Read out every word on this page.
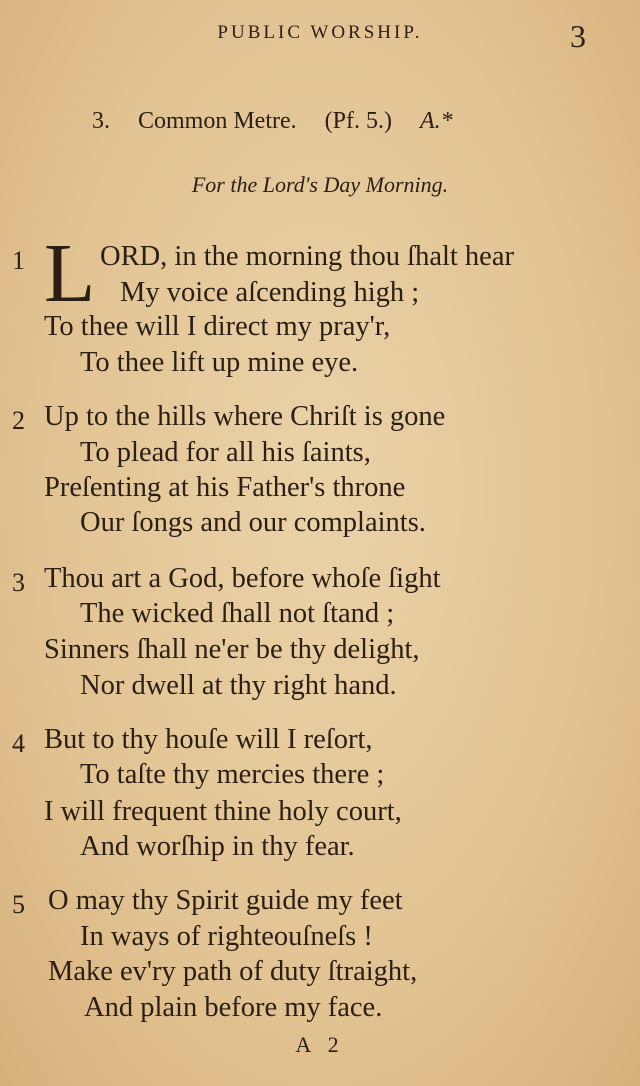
PUBLIC WORSHIP.	3
3. Common Metre. (Pf. 5.) A.*
For the Lord's Day Morning.
1 L ORD, in the morning thou ſhalt hear
My voice aſcending high ;
To thee will I direct my pray'r,
To thee lift up mine eye.
2 Up to the hills where Chriſt is gone
To plead for all his ſaints,
Preſenting at his Father's throne
Our ſongs and our complaints.
3 Thou art a God, before whoſe ſight
The wicked ſhall not ſtand ;
Sinners ſhall ne'er be thy delight,
Nor dwell at thy right hand.
4 But to thy houſe will I reſort,
To taſte thy mercies there ;
I will frequent thine holy court,
And worſhip in thy fear.
5 O may thy Spirit guide my feet
In ways of righteouſneſs !
Make ev'ry path of duty ſtraight,
And plain before my face.
A 2
